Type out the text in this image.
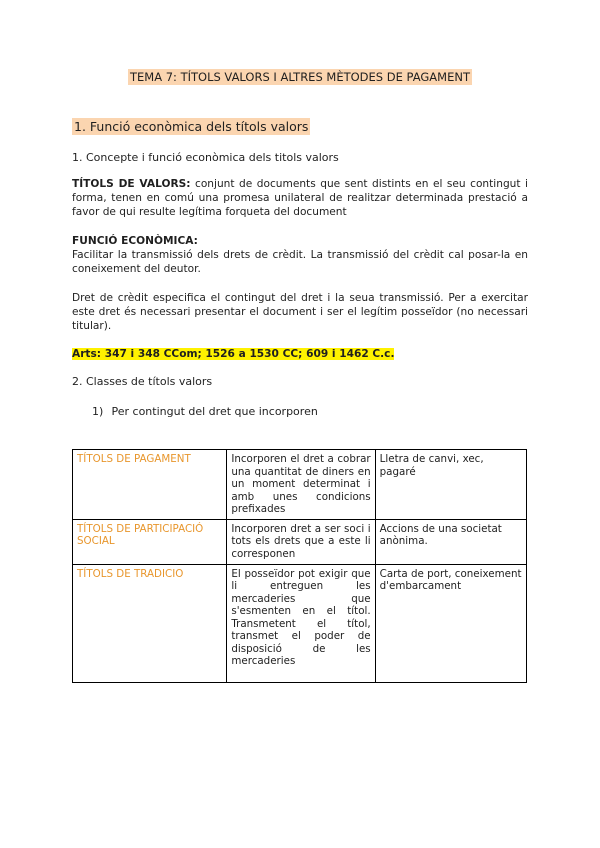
TEMA 7: TÍTOLS VALORS I ALTRES MÈTODES DE PAGAMENT
1. Funció econòmica dels títols valors
1. Concepte i funció econòmica dels titols valors
TÍTOLS DE VALORS: conjunt de documents que sent distints en el seu contingut i forma, tenen en comú una promesa unilateral de realitzar determinada prestació a favor de qui resulte legítima forqueta del document
FUNCIÓ ECONÒMICA:
Facilitar la transmissió dels drets de crèdit. La transmissió del crèdit cal posar-la en coneixement del deutor.
Dret de crèdit especifica el contingut del dret i la seua transmissió. Per a exercitar este dret és necessari presentar el document i ser el legítim posseïdor (no necessari titular).
Arts: 347 i 348 CCom; 1526 a 1530 CC; 609 i 1462 C.c.
2. Classes de títols valors
1) Per contingut del dret que incorporen
TÍTOLS DE PAGAMENT	Incorporen el dret a cobrar una quantitat de diners en un moment determinat i amb unes condicions prefixades	Lletra de canvi, xec, pagaré
TÍTOLS DE PARTICIPACIÓ SOCIAL	Incorporen dret a ser soci i tots els drets que a este li corresponen	Accions de una societat anònima.
TÍTOLS DE TRADICIO	El posseïdor pot exigir que li entreguen les mercaderies que s'esmenten en el títol. Transmetent el títol, transmet el poder de disposició de les mercaderies	Carta de port, coneixement d'embarcament
